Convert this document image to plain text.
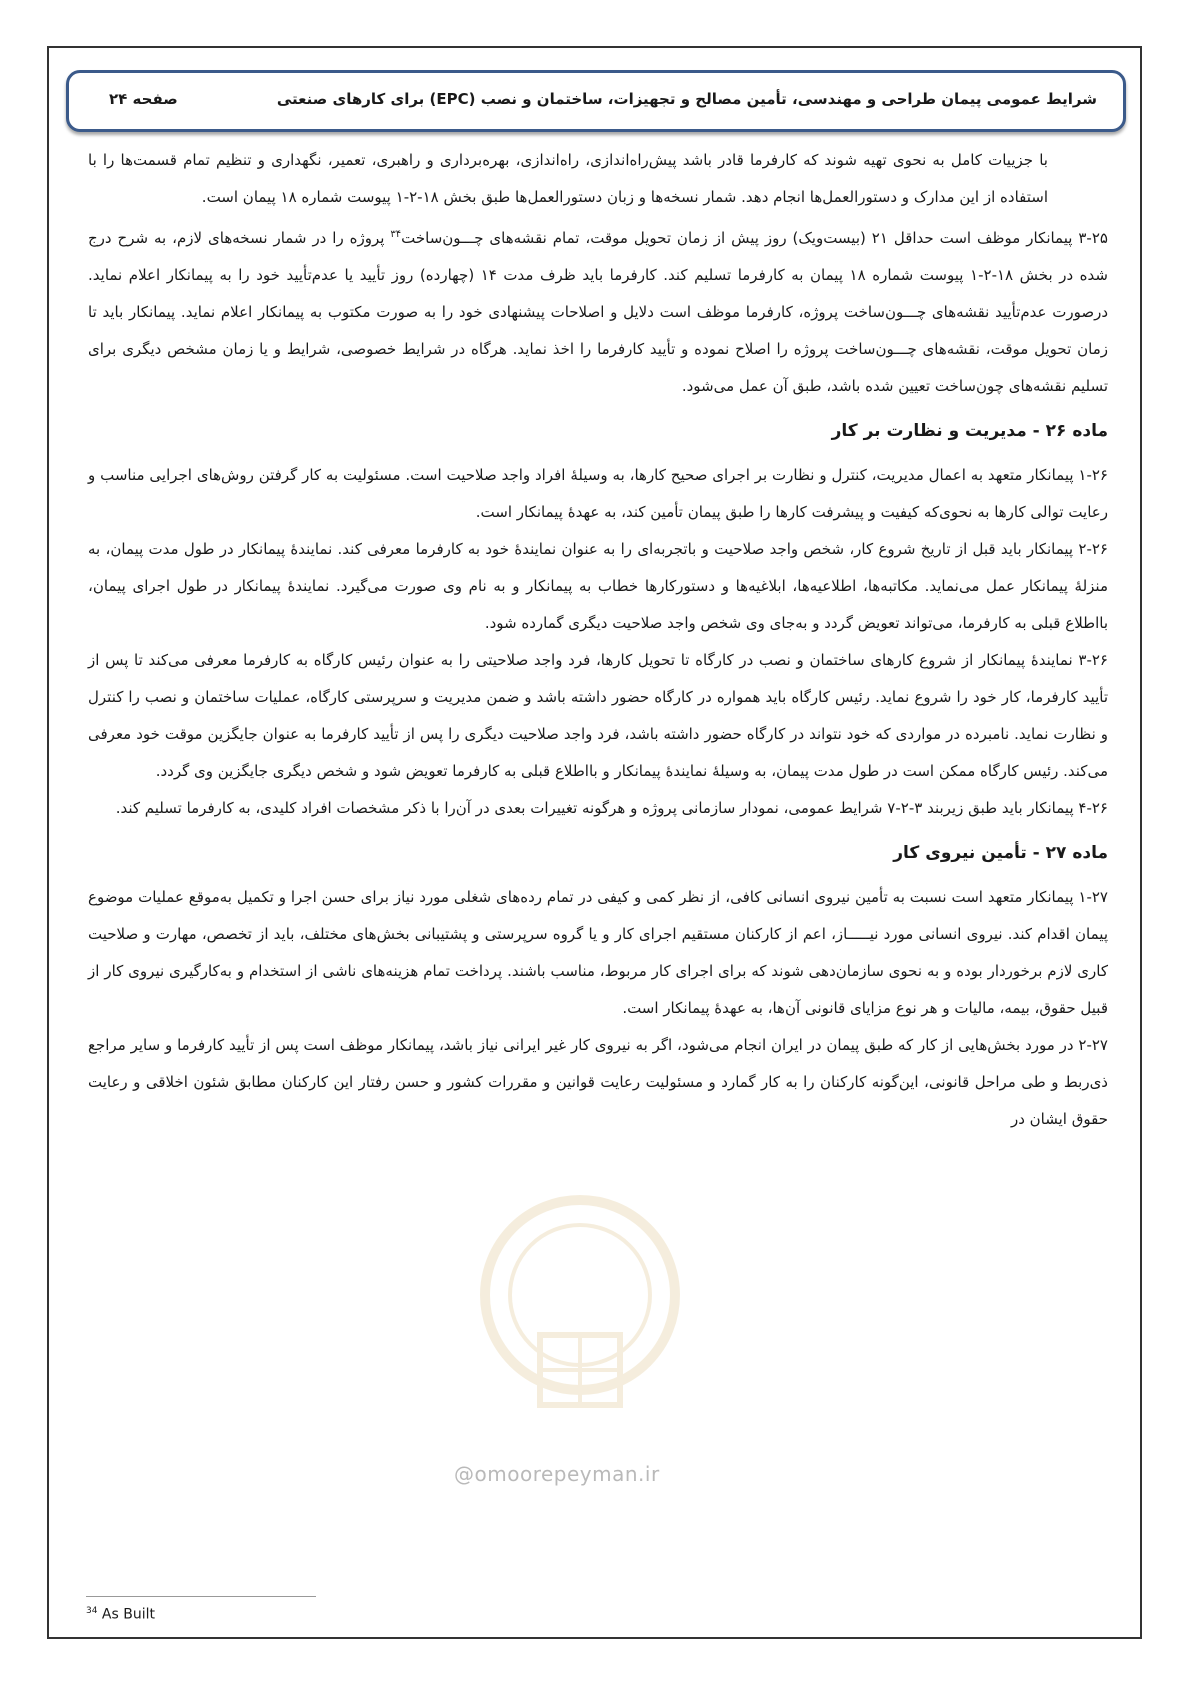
شرایط عمومی پیمان طراحی و مهندسی، تأمین مصالح و تجهیزات، ساختمان و نصب (EPC) برای کارهای صنعتی
صفحه ۲۴
@omoorepeyman.ir

با جزییات کامل به نحوی تهیه شوند که کارفرما قادر باشد پیش‌راه‌اندازی، راه‌اندازی، بهره‌برداری و راهبری، تعمیر، نگهداری و تنظیم تمام قسمت‌ها را با استفاده از این مدارک و دستورالعمل‌ها انجام دهد. شمار نسخه‌ها و زبان دستورالعمل‌ها طبق بخش ۱۸-۲-۱ پیوست شماره ۱۸ پیمان است.

۳-۲۵ پیمانکار موظف است حداقل ۲۱ (بیست‌و‌یک) روز پیش از زمان تحویل موقت، تمام نقشه‌های چـــون‌ساخت$^{۳۴}$ پروژه را در شمار نسخه‌های لازم، به شرح درج شده در بخش ۱۸-۲-۱ پیوست شماره ۱۸ پیمان به کارفرما تسلیم کند. کارفرما باید ظرف مدت ۱۴ (چهارده) روز تأیید یا عدم‌تأیید خود را به پیمانکار اعلام نماید. درصورت عدم‌تأیید نقشه‌های چـــون‌ساخت پروژه، کارفرما موظف است دلایل و اصلاحات پیشنهادی خود را به صورت مکتوب به پیمانکار اعلام نماید. پیمانکار باید تا زمان تحویل موقت، نقشه‌های چـــون‌ساخت پروژه را اصلاح نموده و تأیید کارفرما را اخذ نماید. هرگاه در شرایط خصوصی، شرایط و یا زمان مشخص دیگری برای تسلیم نقشه‌های چون‌ساخت تعیین شده باشد، طبق آن عمل می‌شود.

ماده ۲۶ - مدیریت و نظارت بر کار

۱-۲۶ پیمانکار متعهد به اعمال مدیریت، کنترل و نظارت بر اجرای صحیح کارها، به وسیلۀ افراد واجد صلاحیت است. مسئولیت به کار گرفتن روش‌های اجرایی مناسب و رعایت توالی کارها به نحوی‌که کیفیت و پیشرفت کارها را طبق پیمان تأمین کند، به عهدۀ پیمانکار است.

۲-۲۶ پیمانکار باید قبل از تاریخ شروع کار، شخص واجد صلاحیت و باتجربه‌ای را به عنوان نمایندۀ خود به کارفرما معرفی کند. نمایندۀ پیمانکار در طول مدت پیمان، به منزلۀ پیمانکار عمل می‌نماید. مکاتبه‌ها، اطلاعیه‌ها، ابلاغیه‌ها و دستورکارها خطاب به پیمانکار و به نام وی صورت می‌گیرد. نمایندۀ پیمانکار در طول اجرای پیمان، بااطلاع قبلی به کارفرما، می‌تواند تعویض گردد و به‌جای وی شخص واجد صلاحیت دیگری گمارده شود.

۳-۲۶ نمایندۀ پیمانکار از شروع کارهای ساختمان و نصب در کارگاه تا تحویل کارها، فرد واجد صلاحیتی را به عنوان رئیس کارگاه به کارفرما معرفی می‌کند تا پس از تأیید کارفرما، کار خود را شروع نماید. رئیس کارگاه باید همواره در کارگاه حضور داشته باشد و ضمن مدیریت و سرپرستی کارگاه، عملیات ساختمان و نصب را کنترل و نظارت نماید. نامبرده در مواردی که خود نتواند در کارگاه حضور داشته باشد، فرد واجد صلاحیت دیگری را پس از تأیید کارفرما به عنوان جایگزین موقت خود معرفی می‌کند. رئیس کارگاه ممکن است در طول مدت پیمان، به وسیلۀ نمایندۀ پیمانکار و بااطلاع قبلی به کارفرما تعویض شود و شخص دیگری جایگزین وی گردد.

۴-۲۶ پیمانکار باید طبق زیربند ۳-۲-۷ شرایط عمومی، نمودار سازمانی پروژه و هرگونه تغییرات بعدی در آن‌را با ذکر مشخصات افراد کلیدی، به کارفرما تسلیم کند.

ماده ۲۷ - تأمین نیروی کار

۱-۲۷ پیمانکار متعهد است نسبت به تأمین نیروی انسانی کافی، از نظر کمی و کیفی در تمام رده‌های شغلی مورد نیاز برای حسن اجرا و تکمیل به‌موقع عملیات موضوع پیمان اقدام کند. نیروی انسانی مورد نیـــــاز، اعم از کارکنان مستقیم اجرای کار و یا گروه سرپرستی و پشتیبانی بخش‌های مختلف، باید از تخصص، مهارت و صلاحیت کاری لازم برخوردار بوده و به نحوی سازمان‌دهی شوند که برای اجرای کار مربوط، مناسب باشند. پرداخت تمام هزینه‌های ناشی از استخدام و به‌کارگیری نیروی کار از قبیل حقوق، بیمه، مالیات و هر نوع مزایای قانونی آن‌ها، به عهدۀ پیمانکار است.

۲-۲۷ در مورد بخش‌هایی از کار که طبق پیمان در ایران انجام می‌شود، اگر به نیروی کار غیر ایرانی نیاز باشد، پیمانکار موظف است پس از تأیید کارفرما و سایر مراجع ذی‌ربط و طی مراحل قانونی، این‌گونه کارکنان را به کار گمارد و مسئولیت رعایت قوانین و مقررات کشور و حسن رفتار این کارکنان مطابق شئون اخلاقی و رعایت حقوق ایشان در

$^{34}$ As Built
